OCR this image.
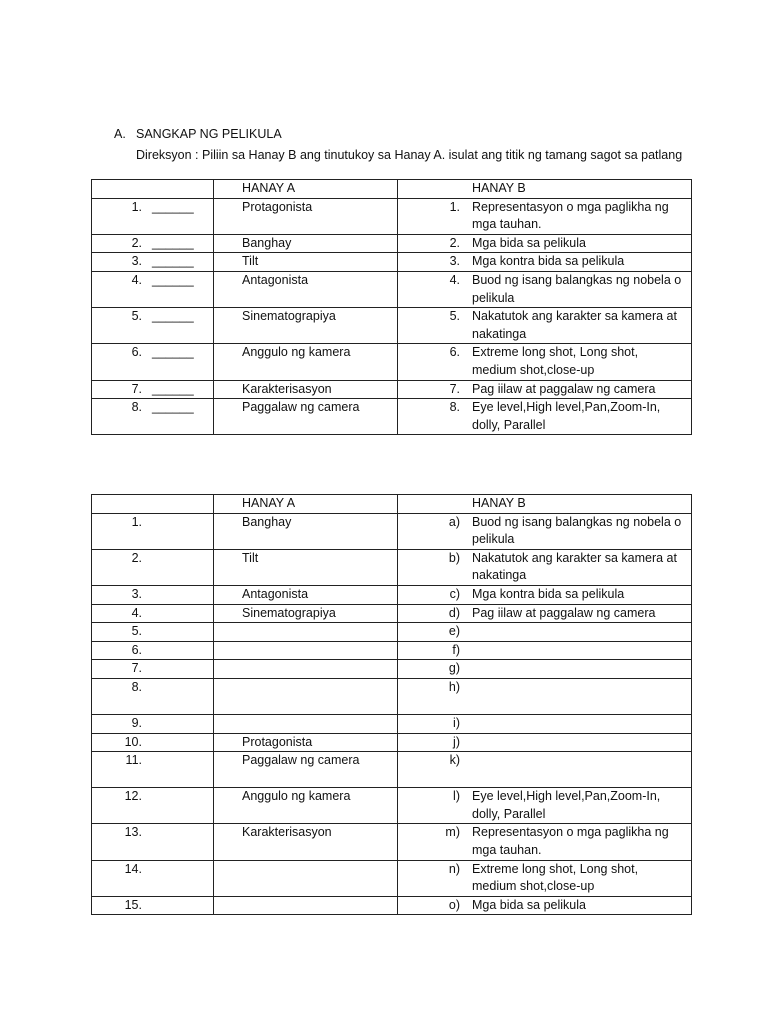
A. SANGKAP NG PELIKULA
Direksyon : Piliin sa Hanay B ang tinutukoy sa Hanay A. isulat ang titik ng tamang sagot sa patlang
	HANAY A	HANAY B

1. ______	Protagonista	1. Representasyon o mga paglikha ng mga tauhan.

2. ______	Banghay	2. Mga bida sa pelikula

3. ______	Tilt	3. Mga kontra bida sa pelikula

4. ______	Antagonista	4. Buod ng isang balangkas ng nobela o pelikula

5. ______	Sinematograpiya	5. Nakatutok ang karakter sa kamera at nakatinga

6. ______	Anggulo ng kamera	6. Extreme long shot, Long shot, medium shot,close-up

7. ______	Karakterisasyon	7. Pag iilaw at paggalaw ng camera

8. ______	Paggalaw ng camera	8. Eye level,High level,Pan,Zoom-In, dolly, Parallel
	HANAY A	HANAY B

1.	Banghay	a) Buod ng isang balangkas ng nobela o pelikula

2.	Tilt	b) Nakatutok ang karakter sa kamera at nakatinga

3.	Antagonista	c) Mga kontra bida sa pelikula

4.	Sinematograpiya	d) Pag iilaw at paggalaw ng camera

5.		e)

6.		f)

7.		g)

8.		h)

9.		i)

10.	Protagonista	j)

11.	Paggalaw ng camera	k)

12.	Anggulo ng kamera	l) Eye level,High level,Pan,Zoom-In, dolly, Parallel

13.	Karakterisasyon	m) Representasyon o mga paglikha ng mga tauhan.

14.		n) Extreme long shot, Long shot, medium shot,close-up

15.		o) Mga bida sa pelikula
